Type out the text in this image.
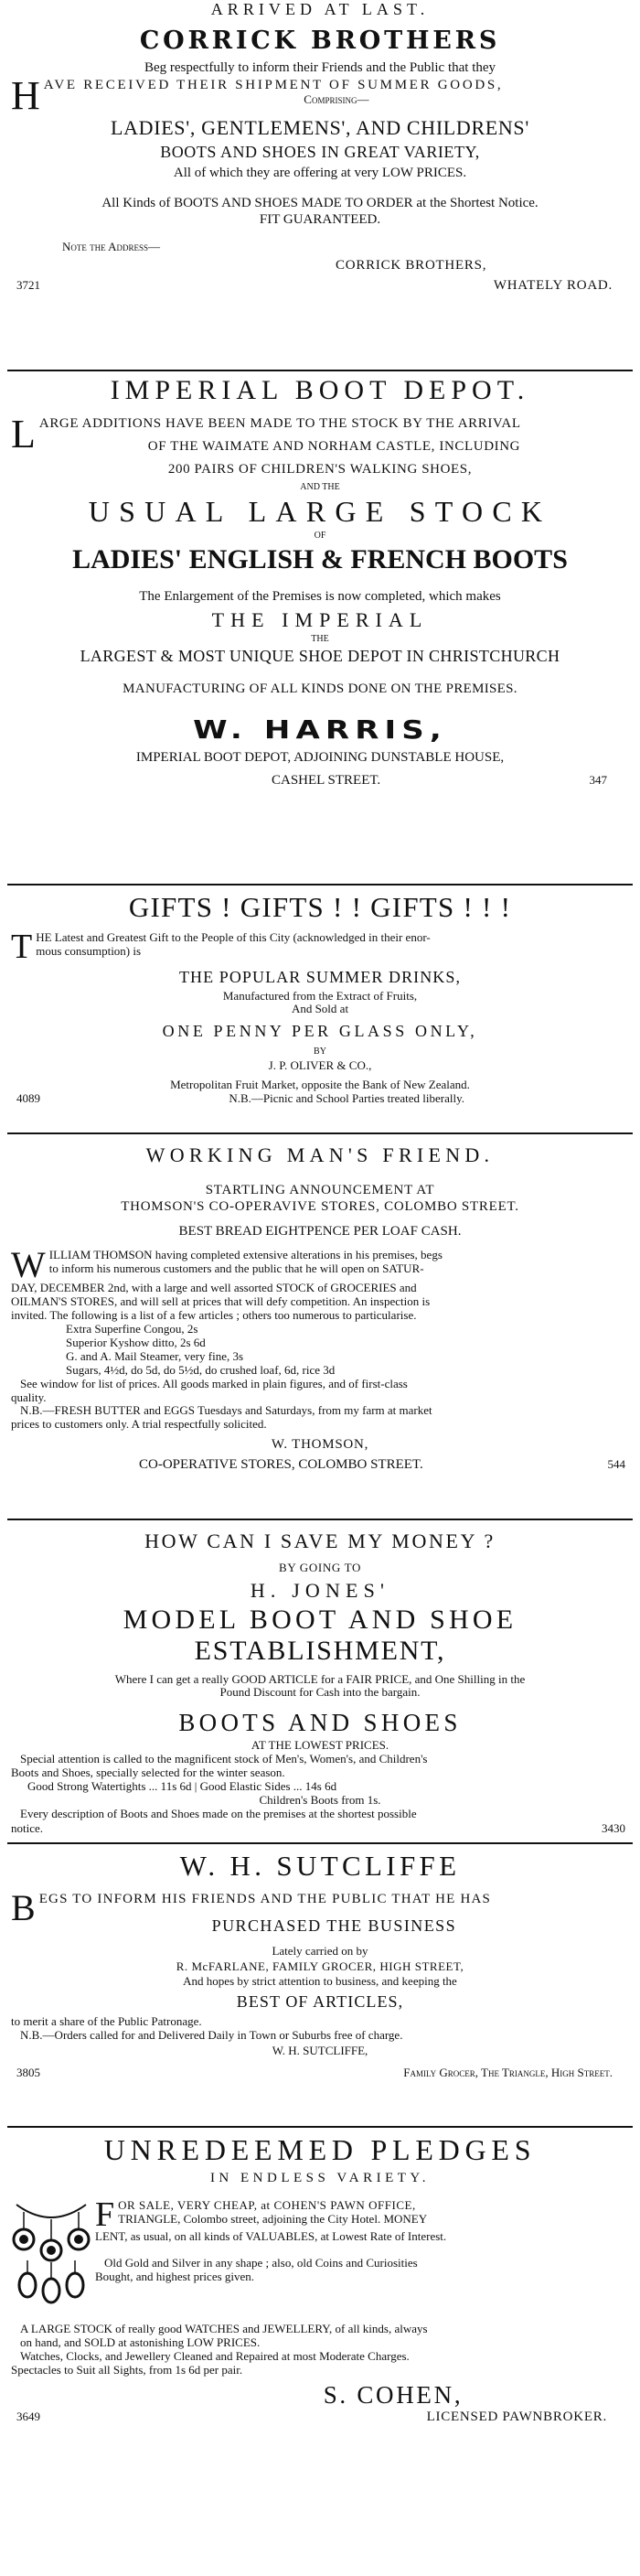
ARRIVED AT LAST.
CORRICK BROTHERS
Beg respectfully to inform their Friends and the Public that they
H AVE RECEIVED THEIR SHIPMENT OF SUMMER GOODS,
Comprising—
LADIES', GENTLEMENS', AND CHILDRENS'
BOOTS AND SHOES IN GREAT VARIETY,
All of which they are offering at very LOW PRICES.
All Kinds of BOOTS AND SHOES MADE TO ORDER at the Shortest Notice.
FIT GUARANTEED.
Note the Address—
CORRICK BROTHERS,
3721	WHATELY ROAD.
IMPERIAL BOOT DEPOT.
L ARGE ADDITIONS HAVE BEEN MADE TO THE STOCK BY THE ARRIVAL
OF THE WAIMATE AND NORHAM CASTLE, INCLUDING
200 PAIRS OF CHILDREN'S WALKING SHOES,
AND THE
USUAL LARGE STOCK
OF
LADIES' ENGLISH & FRENCH BOOTS
The Enlargement of the Premises is now completed, which makes
THE IMPERIAL
THE
LARGEST & MOST UNIQUE SHOE DEPOT IN CHRISTCHURCH
MANUFACTURING OF ALL KINDS DONE ON THE PREMISES.
W. HARRIS,
IMPERIAL BOOT DEPOT, ADJOINING DUNSTABLE HOUSE,
CASHEL STREET.	347
GIFTS ! GIFTS ! ! GIFTS ! ! !
T HE Latest and Greatest Gift to the People of this City (acknowledged in their enor-
mous consumption) is
THE POPULAR SUMMER DRINKS,
Manufactured from the Extract of Fruits,
And Sold at
ONE PENNY PER GLASS ONLY,
BY
J. P. OLIVER & CO.,
Metropolitan Fruit Market, opposite the Bank of New Zealand.
4089	N.B.—Picnic and School Parties treated liberally.
WORKING MAN'S FRIEND.
STARTLING ANNOUNCEMENT AT
THOMSON'S CO-OPERAVIVE STORES, COLOMBO STREET.
BEST BREAD EIGHTPENCE PER LOAF CASH.
W ILLIAM THOMSON having completed extensive alterations in his premises, begs
to inform his numerous customers and the public that he will open on SATUR-
DAY, DECEMBER 2nd, with a large and well assorted STOCK of GROCERIES and
OILMAN'S STORES, and will sell at prices that will defy competition. An inspection is
invited. The following is a list of a few articles ; others too numerous to particularise.
Extra Superfine Congou, 2s
Superior Kyshow ditto, 2s 6d
G. and A. Mail Steamer, very fine, 3s
Sugars, 4½d, do 5d, do 5½d, do crushed loaf, 6d, rice 3d
See window for list of prices. All goods marked in plain figures, and of first-class
quality.
N.B.—FRESH BUTTER and EGGS Tuesdays and Saturdays, from my farm at market
prices to customers only. A trial respectfully solicited.
W. THOMSON,
CO-OPERATIVE STORES, COLOMBO STREET.	544
HOW CAN I SAVE MY MONEY ?
BY GOING TO
H. JONES'
MODEL BOOT AND SHOE
ESTABLISHMENT,
Where I can get a really GOOD ARTICLE for a FAIR PRICE, and One Shilling in the
Pound Discount for Cash into the bargain.
BOOTS AND SHOES
AT THE LOWEST PRICES.
Special attention is called to the magnificent stock of Men's, Women's, and Children's
Boots and Shoes, specially selected for the winter season.
Good Strong Watertights ... 11s 6d | Good Elastic Sides ... 14s 6d
Children's Boots from 1s.
Every description of Boots and Shoes made on the premises at the shortest possible
notice.	3430
W. H. SUTCLIFFE
B EGS TO INFORM HIS FRIENDS AND THE PUBLIC THAT HE HAS
PURCHASED THE BUSINESS
Lately carried on by
R. McFARLANE, FAMILY GROCER, HIGH STREET,
And hopes by strict attention to business, and keeping the
BEST OF ARTICLES,
to merit a share of the Public Patronage.
N.B.—Orders called for and Delivered Daily in Town or Suburbs free of charge.
W. H. SUTCLIFFE,
3805	Family Grocer, The Triangle, High Street.
UNREDEEMED PLEDGES
IN ENDLESS VARIETY.
F OR SALE, VERY CHEAP, at COHEN'S PAWN OFFICE,
TRIANGLE, Colombo street, adjoining the City Hotel. MONEY
LENT, as usual, on all kinds of VALUABLES, at Lowest Rate of Interest.
Old Gold and Silver in any shape ; also, old Coins and Curiosities
Bought, and highest prices given.
A LARGE STOCK of really good WATCHES and JEWELLERY, of all kinds, always
on hand, and SOLD at astonishing LOW PRICES.
Watches, Clocks, and Jewellery Cleaned and Repaired at most Moderate Charges.
Spectacles to Suit all Sights, from 1s 6d per pair.
S. COHEN,
3649	LICENSED PAWNBROKER.
